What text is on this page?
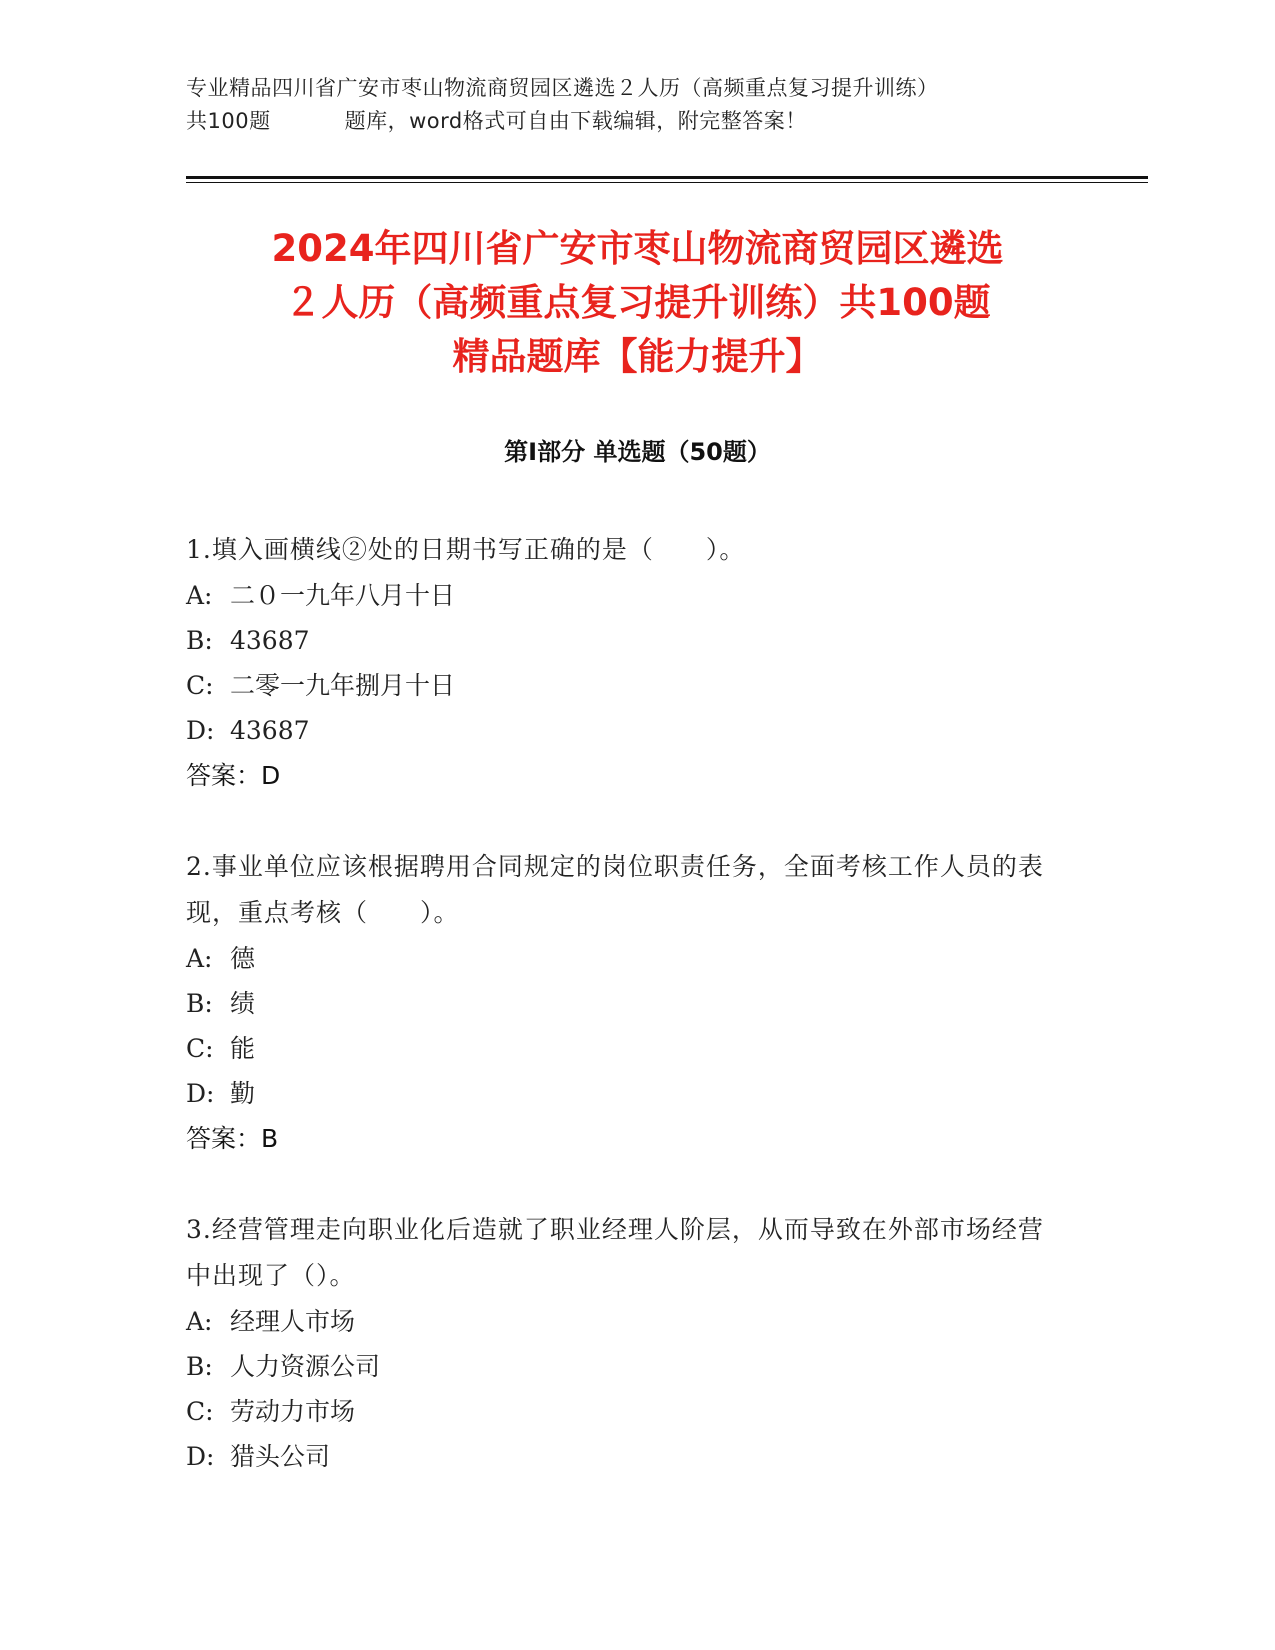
专业精品四川省广安市枣山物流商贸园区遴选２人历（高频重点复习提升训练）
共100题	题库，word格式可自由下载编辑，附完整答案！
2024年四川省广安市枣山物流商贸园区遴选
２人历（高频重点复习提升训练）共100题
精品题库【能力提升】
第I部分 单选题（50题）
1.填入画横线②处的日期书写正确的是（　　）。
A: 二０一九年八月十日
B: 43687
C: 二零一九年捌月十日
D: 43687
答案：D
2.事业单位应该根据聘用合同规定的岗位职责任务，全面考核工作人员的表现，重点考核（　　）。
A: 德
B: 绩
C: 能
D: 勤
答案：B
3.经营管理走向职业化后造就了职业经理人阶层，从而导致在外部市场经营中出现了（）。
A: 经理人市场
B: 人力资源公司
C: 劳动力市场
D: 猎头公司
